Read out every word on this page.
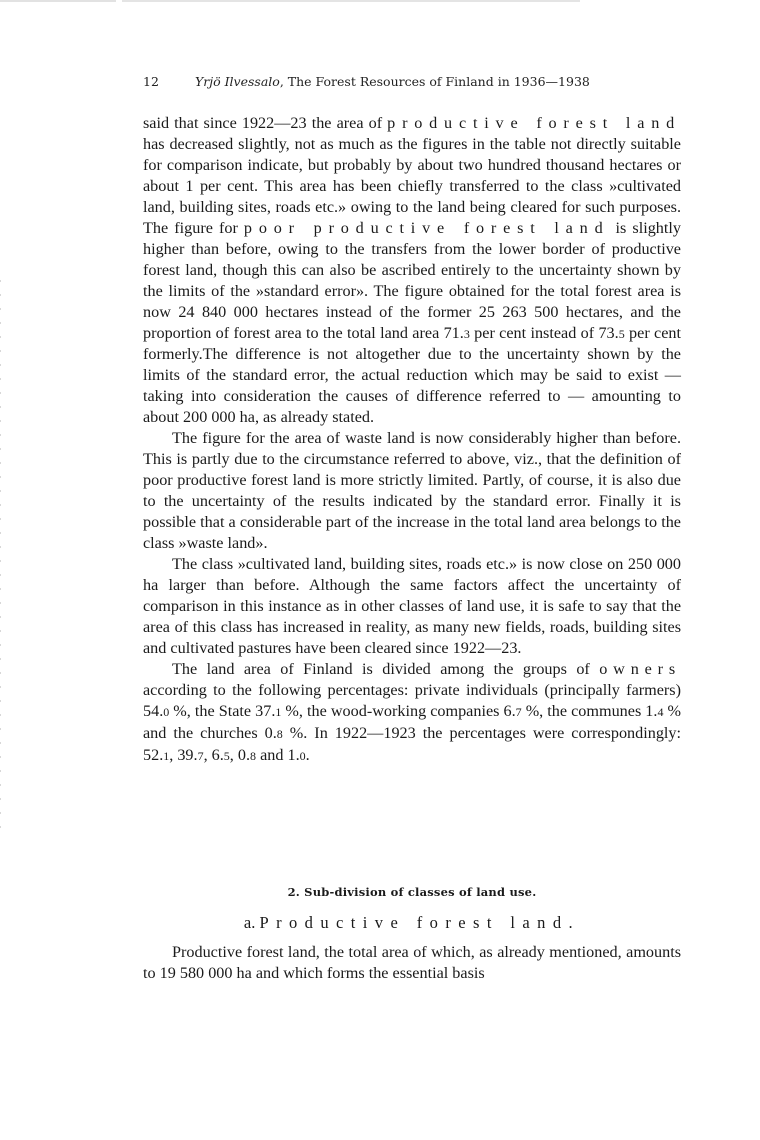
12	Yrjö Ilvessalo, The Forest Resources of Finland in 1936—1938

said that since 1922—23 the area of productive forest land has decreased slightly, not as much as the figures in the table not directly suitable for comparison indicate, but probably by about two hundred thousand hectares or about 1 per cent. This area has been chiefly transferred to the class »cultivated land, building sites, roads etc.» owing to the land being cleared for such purposes. The figure for poor productive forest land is slightly higher than before, owing to the transfers from the lower border of productive forest land, though this can also be ascribed entirely to the uncertainty shown by the limits of the »standard error». The figure obtained for the total forest area is now 24 840 000 hectares instead of the former 25 263 500 hectares, and the proportion of forest area to the total land area 71.3 per cent instead of 73.5 per cent formerly.The difference is not altogether due to the uncertainty shown by the limits of the standard error, the actual reduction which may be said to exist — taking into consideration the causes of difference referred to — amounting to about 200 000 ha, as already stated.

The figure for the area of waste land is now considerably higher than before. This is partly due to the circumstance referred to above, viz., that the definition of poor productive forest land is more strictly limited. Partly, of course, it is also due to the uncertainty of the results indicated by the standard error. Finally it is possible that a considerable part of the increase in the total land area belongs to the class »waste land».

The class »cultivated land, building sites, roads etc.» is now close on 250 000 ha larger than before. Although the same factors affect the uncertainty of comparison in this instance as in other classes of land use, it is safe to say that the area of this class has increased in reality, as many new fields, roads, building sites and cultivated pastures have been cleared since 1922—23.

The land area of Finland is divided among the groups of owners according to the following percentages: private individuals (principally farmers) 54.0 %, the State 37.1 %, the wood-working companies 6.7 %, the communes 1.4 % and the churches 0.8 %. In 1922—1923 the percentages were correspondingly: 52.1, 39.7, 6.5, 0.8 and 1.0.

2. Sub-division of classes of land use.
a. Productive forest land.

Productive forest land, the total area of which, as already mentioned, amounts to 19 580 000 ha and which forms the essential basis
